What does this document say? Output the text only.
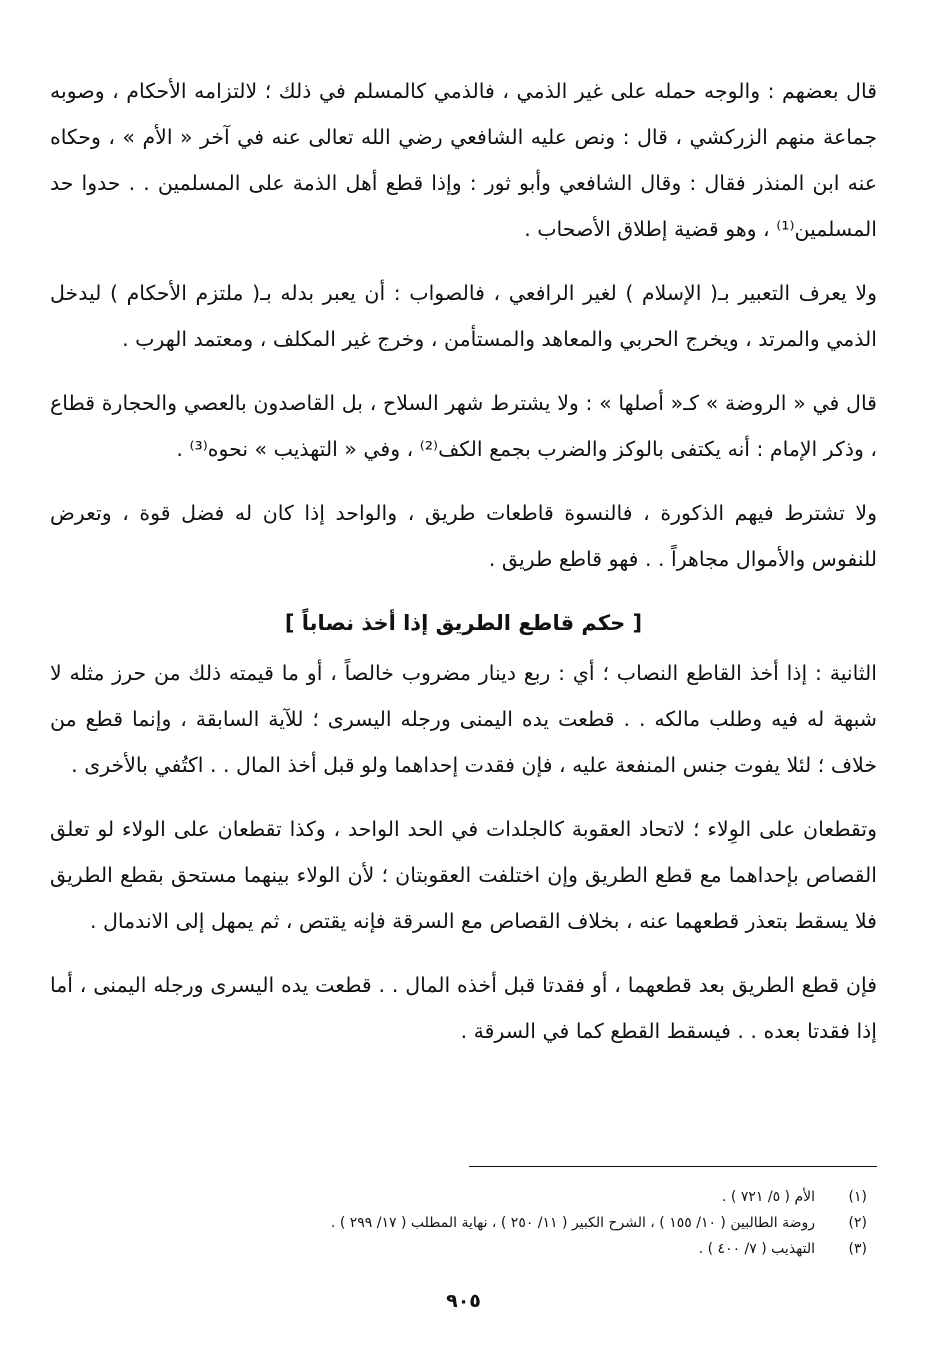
قال بعضهم : والوجه حمله على غير الذمي ، فالذمي كالمسلم في ذلك ؛ لالتزامه الأحكام ، وصوبه جماعة منهم الزركشي ، قال : ونص عليه الشافعي رضي الله تعالى عنه في آخر « الأم » ، وحكاه عنه ابن المنذر فقال : وقال الشافعي وأبو ثور : وإذا قطع أهل الذمة على المسلمين . . حدوا حد المسلمين⁽¹⁾ ، وهو قضية إطلاق الأصحاب .

ولا يعرف التعبير بـ( الإسلام ) لغير الرافعي ، فالصواب : أن يعبر بدله بـ( ملتزم الأحكام ) ليدخل الذمي والمرتد ، ويخرج الحربي والمعاهد والمستأمن ، وخرج غير المكلف ، ومعتمد الهرب .

قال في « الروضة » كـ« أصلها » : ولا يشترط شهر السلاح ، بل القاصدون بالعصي والحجارة قطاع ، وذكر الإمام : أنه يكتفى بالوكز والضرب بجمع الكف⁽²⁾ ، وفي « التهذيب » نحوه⁽³⁾ .

ولا تشترط فيهم الذكورة ، فالنسوة قاطعات طريق ، والواحد إذا كان له فضل قوة ، وتعرض للنفوس والأموال مجاهراً . . فهو قاطع طريق .

[ حكم قاطع الطريق إذا أخذ نصاباً ]

الثانية : إذا أخذ القاطع النصاب ؛ أي : ربع دينار مضروب خالصاً ، أو ما قيمته ذلك من حرز مثله لا شبهة له فيه وطلب مالكه . . قطعت يده اليمنى ورجله اليسرى ؛ للآية السابقة ، وإنما قطع من خلاف ؛ لئلا يفوت جنس المنفعة عليه ، فإن فقدت إحداهما ولو قبل أخذ المال . . اكتُفي بالأخرى .

وتقطعان على الوِلاء ؛ لاتحاد العقوبة كالجلدات في الحد الواحد ، وكذا تقطعان على الولاء لو تعلق القصاص بإحداهما مع قطع الطريق وإن اختلفت العقوبتان ؛ لأن الولاء بينهما مستحق بقطع الطريق فلا يسقط بتعذر قطعهما عنه ، بخلاف القصاص مع السرقة فإنه يقتص ، ثم يمهل إلى الاندمال .

فإن قطع الطريق بعد قطعهما ، أو فقدتا قبل أخذه المال . . قطعت يده اليسرى ورجله اليمنى ، أما إذا فقدتا بعده . . فيسقط القطع كما في السرقة .

(١)
الأم ( ٥/ ٧٢١ ) .
(٢)
روضة الطالبين ( ١٠/ ١٥٥ ) ، الشرح الكبير ( ١١/ ٢٥٠ ) ، نهاية المطلب ( ١٧/ ٢٩٩ ) .
(٣)
التهذيب ( ٧/ ٤٠٠ ) .
٩٠٥
